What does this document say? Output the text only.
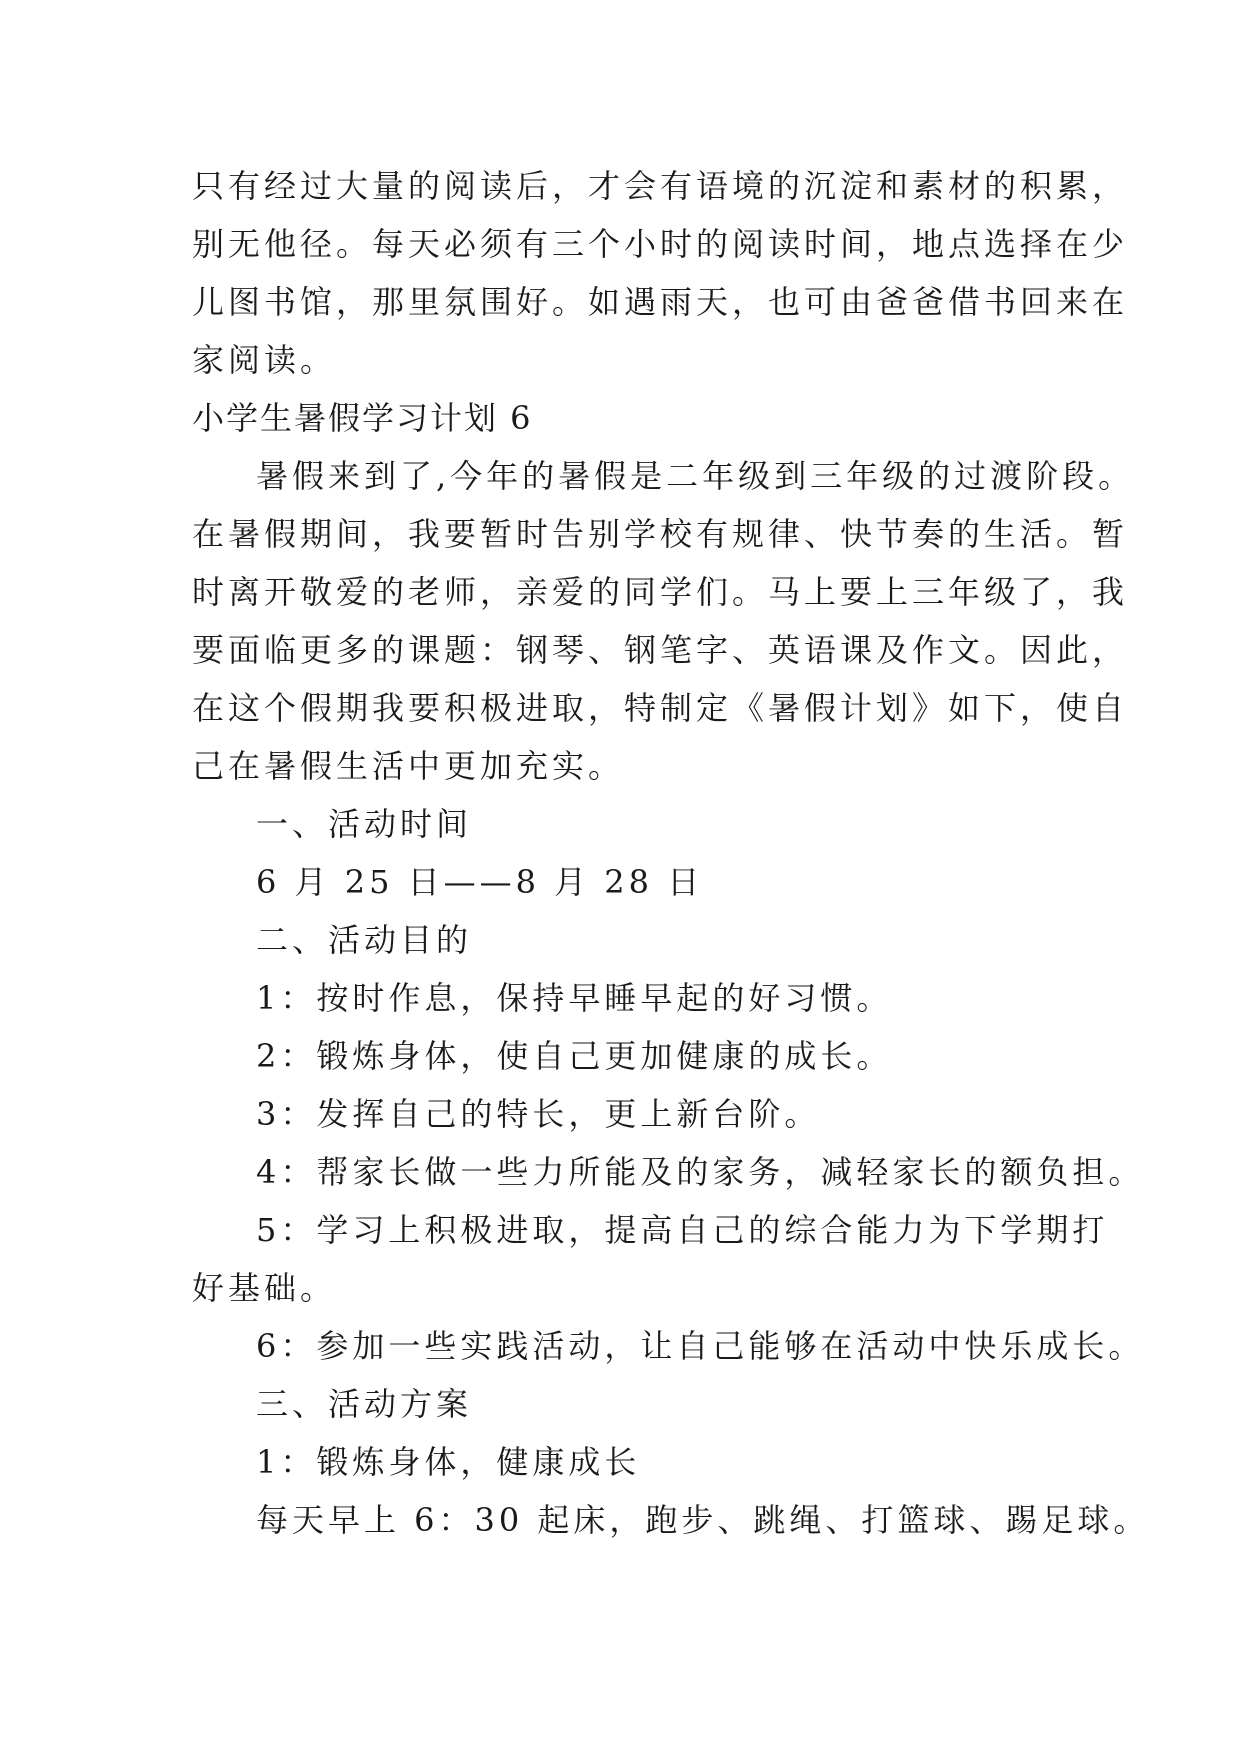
只有经过大量的阅读后，才会有语境的沉淀和素材的积累，
别无他径。每天必须有三个小时的阅读时间，地点选择在少
儿图书馆，那里氛围好。如遇雨天，也可由爸爸借书回来在
家阅读。
小学生暑假学习计划 6
暑假来到了,今年的暑假是二年级到三年级的过渡阶段。
在暑假期间，我要暂时告别学校有规律、快节奏的生活。暂
时离开敬爱的老师，亲爱的同学们。马上要上三年级了，我
要面临更多的课题：钢琴、钢笔字、英语课及作文。因此，
在这个假期我要积极进取，特制定《暑假计划》如下，使自
己在暑假生活中更加充实。
一、活动时间
6 月 25 日——8 月 28 日
二、活动目的
1：按时作息，保持早睡早起的好习惯。
2：锻炼身体，使自己更加健康的成长。
3：发挥自己的特长，更上新台阶。
4：帮家长做一些力所能及的家务，减轻家长的额负担。
5：学习上积极进取，提高自己的综合能力为下学期打
好基础。
6：参加一些实践活动，让自己能够在活动中快乐成长。
三、活动方案
1：锻炼身体，健康成长
每天早上 6：30 起床，跑步、跳绳、打篮球、踢足球。
